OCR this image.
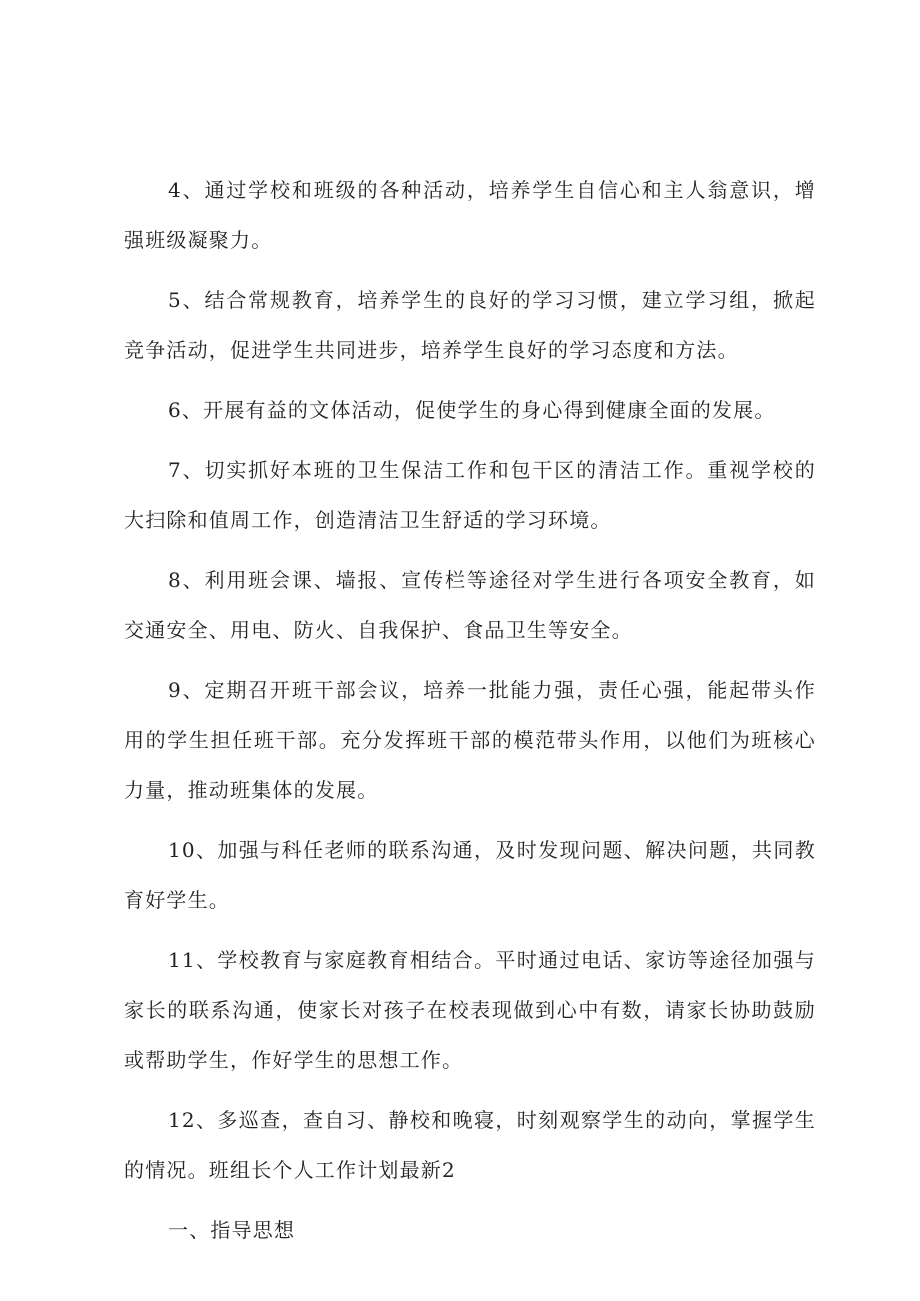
4、通过学校和班级的各种活动，培养学生自信心和主人翁意识，增强班级凝聚力。

5、结合常规教育，培养学生的良好的学习习惯，建立学习组，掀起竞争活动，促进学生共同进步，培养学生良好的学习态度和方法。

6、开展有益的文体活动，促使学生的身心得到健康全面的发展。

7、切实抓好本班的卫生保洁工作和包干区的清洁工作。重视学校的大扫除和值周工作，创造清洁卫生舒适的学习环境。

8、利用班会课、墙报、宣传栏等途径对学生进行各项安全教育，如交通安全、用电、防火、自我保护、食品卫生等安全。

9、定期召开班干部会议，培养一批能力强，责任心强，能起带头作用的学生担任班干部。充分发挥班干部的模范带头作用，以他们为班核心力量，推动班集体的发展。

10、加强与科任老师的联系沟通，及时发现问题、解决问题，共同教育好学生。

11、学校教育与家庭教育相结合。平时通过电话、家访等途径加强与家长的联系沟通，使家长对孩子在校表现做到心中有数，请家长协助鼓励或帮助学生，作好学生的思想工作。

12、多巡查，查自习、静校和晚寝，时刻观察学生的动向，掌握学生的情况。班组长个人工作计划最新2

一、指导思想
